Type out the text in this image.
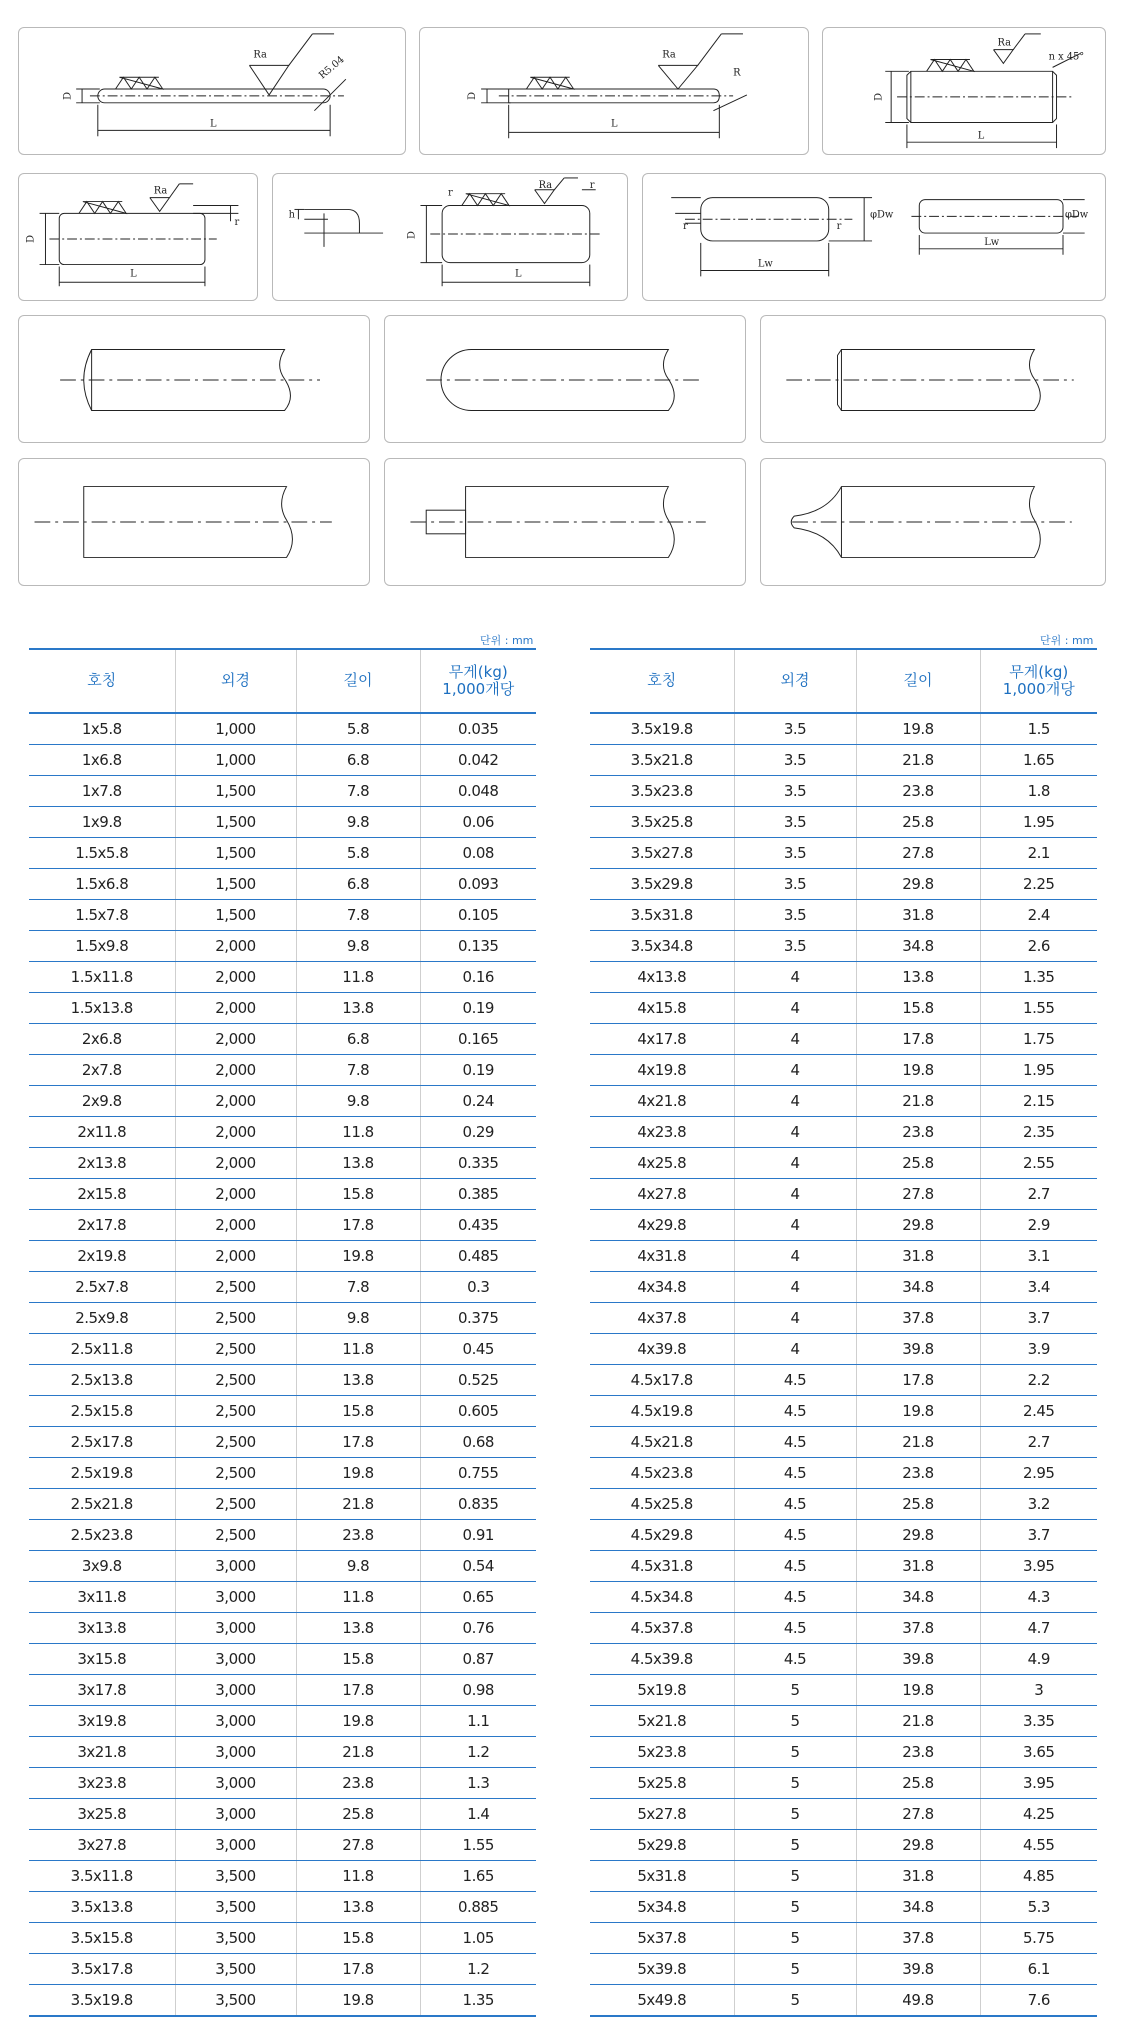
Ra	R5.04
D
L
Ra
R
D
L
Ra
n x 45°
D
L
Ra
r
D
L
h
Ra
r
r
D
L
r	r
Lw
φDw
Lw
φDw
단위 : mm	단위 : mm
호칭	외경	길이	무게(kg)
1,000개당
1x5.8	1,000	5.8	0.035
1x6.8	1,000	6.8	0.042
1x7.8	1,500	7.8	0.048
1x9.8	1,500	9.8	0.06
1.5x5.8	1,500	5.8	0.08
1.5x6.8	1,500	6.8	0.093
1.5x7.8	1,500	7.8	0.105
1.5x9.8	2,000	9.8	0.135
1.5x11.8	2,000	11.8	0.16
1.5x13.8	2,000	13.8	0.19
2x6.8	2,000	6.8	0.165
2x7.8	2,000	7.8	0.19
2x9.8	2,000	9.8	0.24
2x11.8	2,000	11.8	0.29
2x13.8	2,000	13.8	0.335
2x15.8	2,000	15.8	0.385
2x17.8	2,000	17.8	0.435
2x19.8	2,000	19.8	0.485
2.5x7.8	2,500	7.8	0.3
2.5x9.8	2,500	9.8	0.375
2.5x11.8	2,500	11.8	0.45
2.5x13.8	2,500	13.8	0.525
2.5x15.8	2,500	15.8	0.605
2.5x17.8	2,500	17.8	0.68
2.5x19.8	2,500	19.8	0.755
2.5x21.8	2,500	21.8	0.835
2.5x23.8	2,500	23.8	0.91
3x9.8	3,000	9.8	0.54
3x11.8	3,000	11.8	0.65
3x13.8	3,000	13.8	0.76
3x15.8	3,000	15.8	0.87
3x17.8	3,000	17.8	0.98
3x19.8	3,000	19.8	1.1
3x21.8	3,000	21.8	1.2
3x23.8	3,000	23.8	1.3
3x25.8	3,000	25.8	1.4
3x27.8	3,000	27.8	1.55
3.5x11.8	3,500	11.8	1.65
3.5x13.8	3,500	13.8	0.885
3.5x15.8	3,500	15.8	1.05
3.5x17.8	3,500	17.8	1.2
3.5x19.8	3,500	19.8	1.35
호칭	외경	길이	무게(kg)
1,000개당
3.5x19.8	3.5	19.8	1.5
3.5x21.8	3.5	21.8	1.65
3.5x23.8	3.5	23.8	1.8
3.5x25.8	3.5	25.8	1.95
3.5x27.8	3.5	27.8	2.1
3.5x29.8	3.5	29.8	2.25
3.5x31.8	3.5	31.8	2.4
3.5x34.8	3.5	34.8	2.6
4x13.8	4	13.8	1.35
4x15.8	4	15.8	1.55
4x17.8	4	17.8	1.75
4x19.8	4	19.8	1.95
4x21.8	4	21.8	2.15
4x23.8	4	23.8	2.35
4x25.8	4	25.8	2.55
4x27.8	4	27.8	2.7
4x29.8	4	29.8	2.9
4x31.8	4	31.8	3.1
4x34.8	4	34.8	3.4
4x37.8	4	37.8	3.7
4x39.8	4	39.8	3.9
4.5x17.8	4.5	17.8	2.2
4.5x19.8	4.5	19.8	2.45
4.5x21.8	4.5	21.8	2.7
4.5x23.8	4.5	23.8	2.95
4.5x25.8	4.5	25.8	3.2
4.5x29.8	4.5	29.8	3.7
4.5x31.8	4.5	31.8	3.95
4.5x34.8	4.5	34.8	4.3
4.5x37.8	4.5	37.8	4.7
4.5x39.8	4.5	39.8	4.9
5x19.8	5	19.8	3
5x21.8	5	21.8	3.35
5x23.8	5	23.8	3.65
5x25.8	5	25.8	3.95
5x27.8	5	27.8	4.25
5x29.8	5	29.8	4.55
5x31.8	5	31.8	4.85
5x34.8	5	34.8	5.3
5x37.8	5	37.8	5.75
5x39.8	5	39.8	6.1
5x49.8	5	49.8	7.6
